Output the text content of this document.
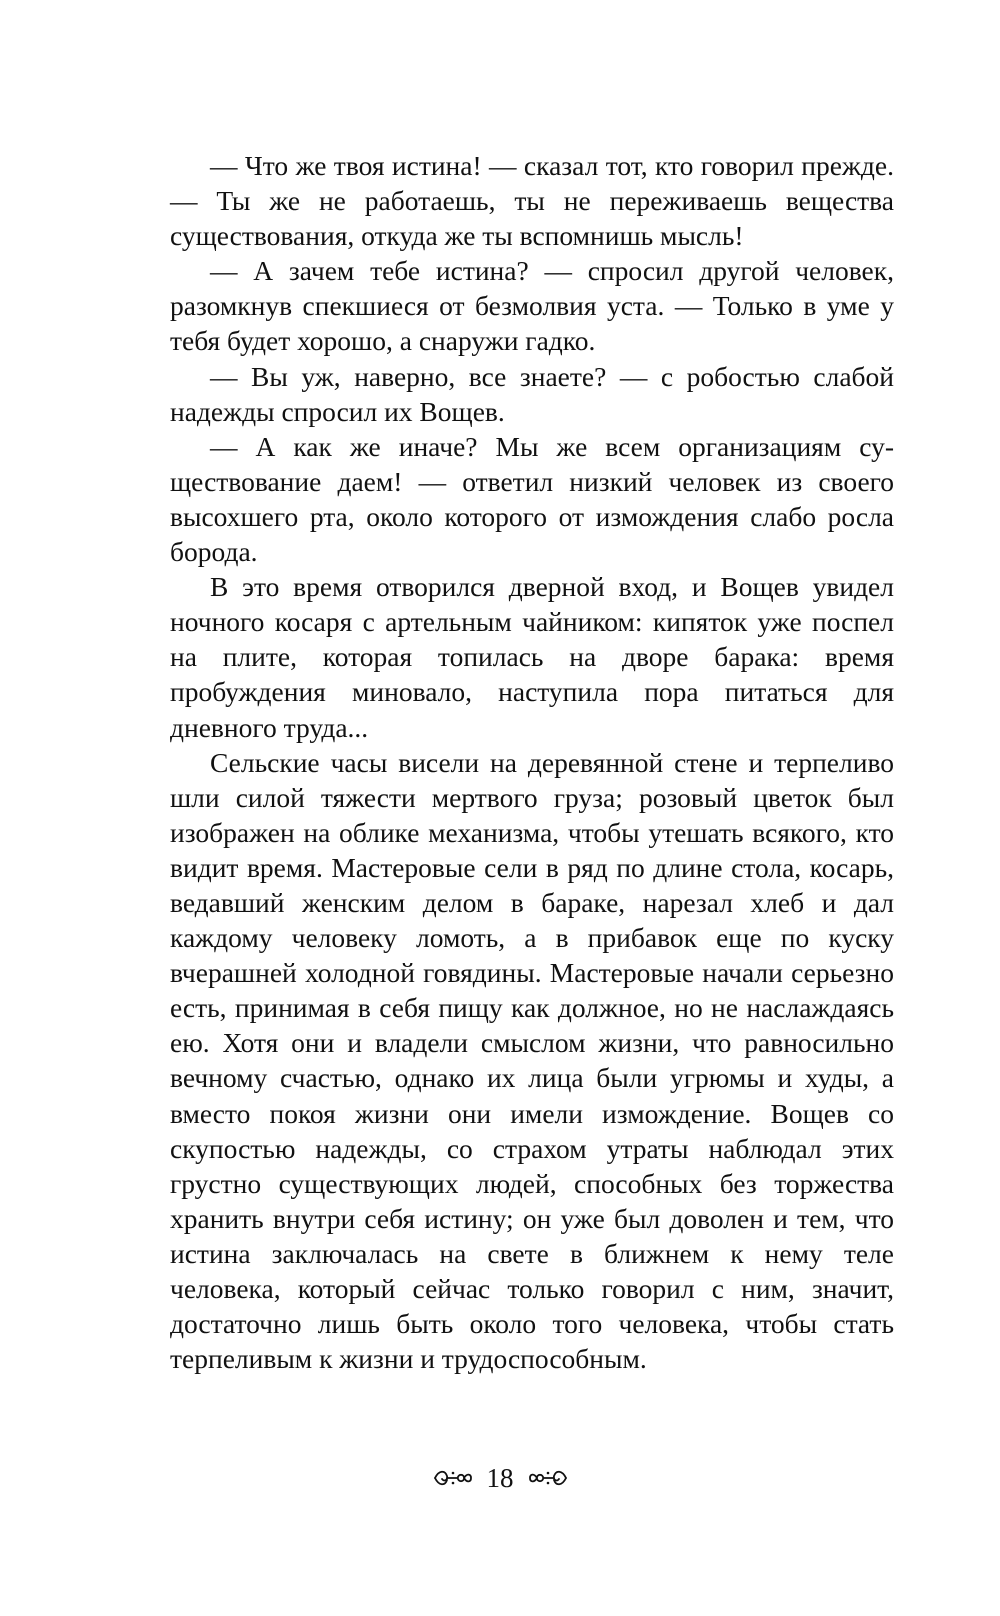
— Что же твоя истина! — сказал тот, кто говорил прежде. — Ты же не работаешь, ты не переживаешь вещества существования, откуда же ты вспомнишь мысль!

— А зачем тебе истина? — спросил другой человек, разомкнув спекшиеся от безмолвия уста. — Только в уме у тебя будет хорошо, а снаружи гадко.

— Вы уж, наверно, все знаете? — с робостью слабой надежды спросил их Вощев.

— А как же иначе? Мы же всем организациям существование даем! — ответил низкий человек из своего высохшего рта, около которого от измождения слабо росла борода.

В это время отворился дверной вход, и Вощев увидел ночного косаря с артельным чайником: кипяток уже поспел на плите, которая топилась на дворе барака: время пробуждения миновало, наступила пора питаться для дневного труда...

Сельские часы висели на деревянной стене и терпеливо шли силой тяжести мертвого груза; розовый цветок был изображен на облике механизма, чтобы утешать всякого, кто видит время. Мастеровые сели в ряд по длине стола, косарь, ведавший женским делом в бараке, нарезал хлеб и дал каждому человеку ломоть, а в прибавок еще по куску вчерашней холодной говядины. Мастеровые начали серьезно есть, принимая в себя пищу как должное, но не наслаждаясь ею. Хотя они и владели смыслом жизни, что равносильно вечному счастью, однако их лица были угрюмы и худы, а вместо покоя жизни они имели измождение. Вощев со скупостью надежды, со страхом утраты наблюдал этих грустно существующих людей, способных без торжества хранить внутри себя истину; он уже был доволен и тем, что истина заключалась на свете в ближнем к нему теле человека, который сейчас только говорил с ним, значит, достаточно лишь быть около того человека, чтобы стать терпеливым к жизни и трудоспособным.

18
